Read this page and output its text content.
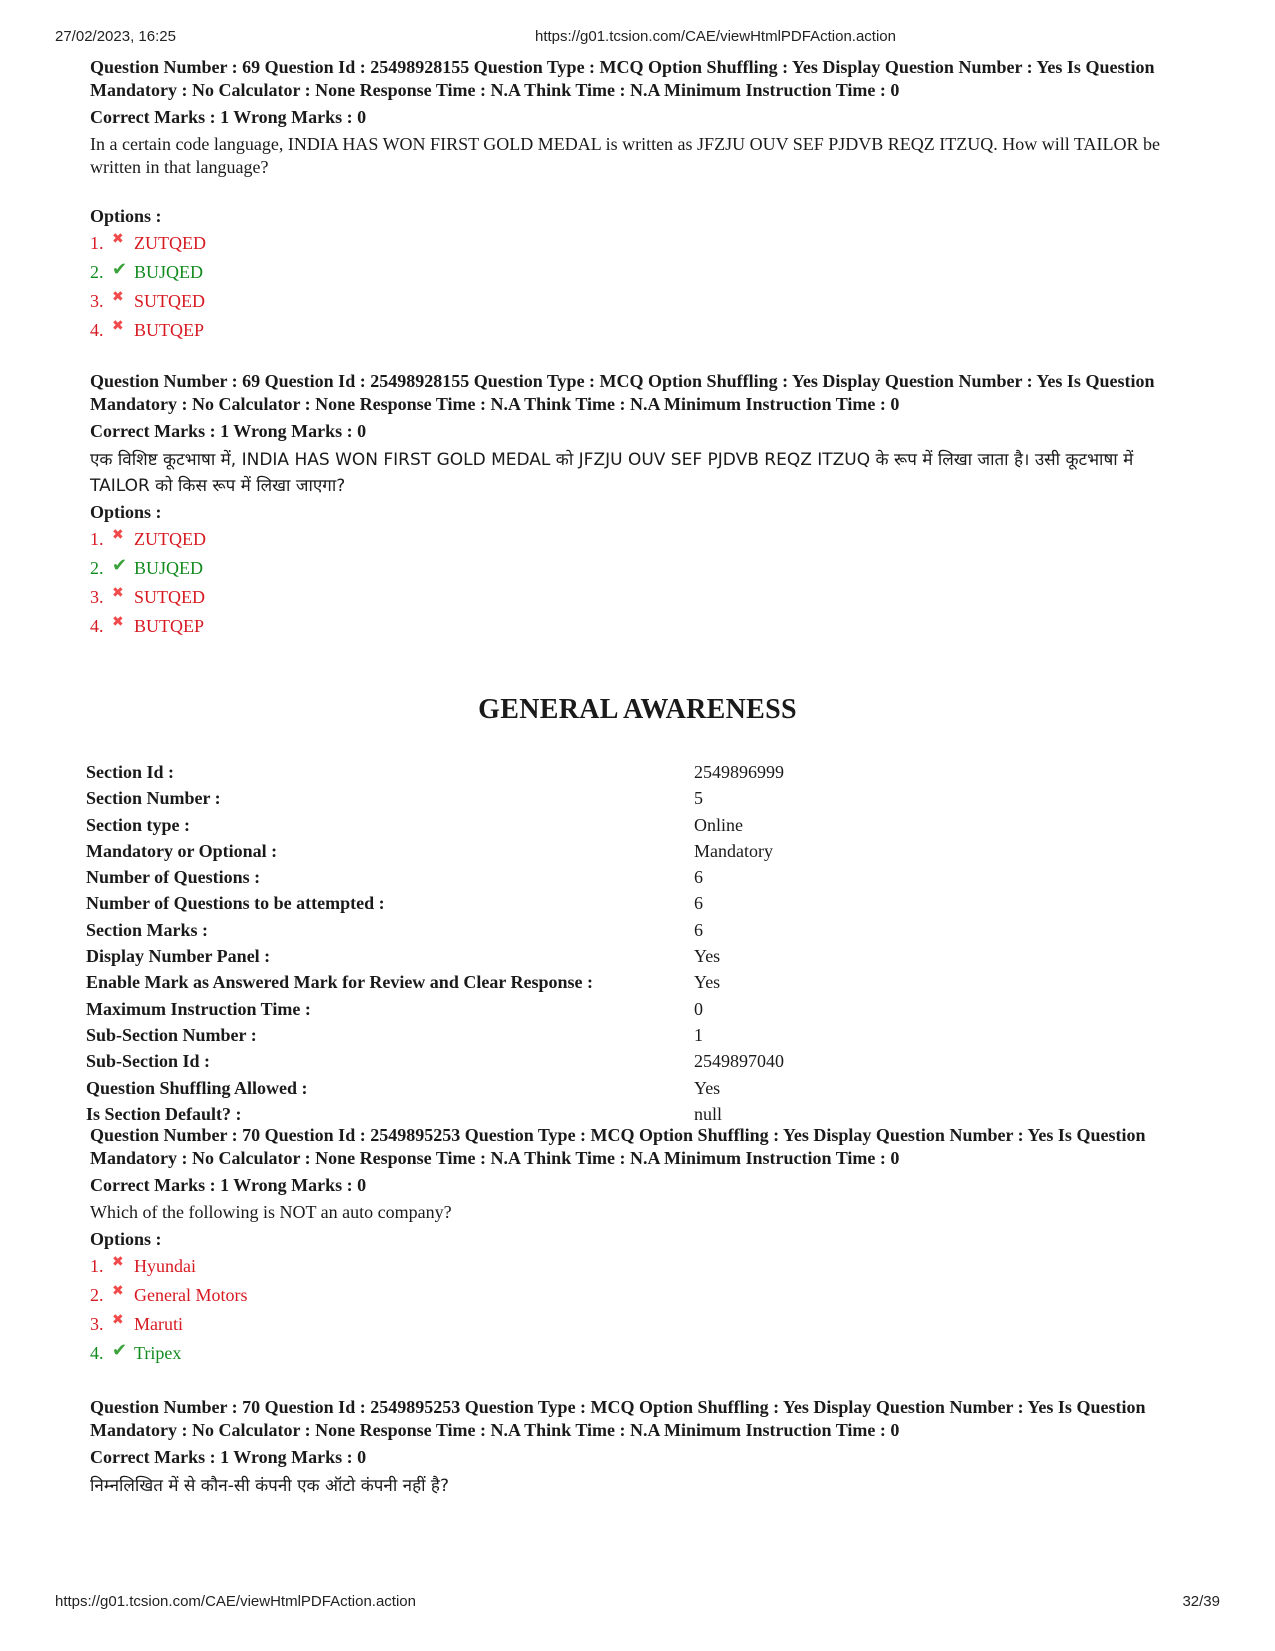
27/02/2023, 16:25	https://g01.tcsion.com/CAE/viewHtmlPDFAction.action
Question Number : 69 Question Id : 25498928155 Question Type : MCQ Option Shuffling : Yes Display Question Number : Yes Is Question Mandatory : No Calculator : None Response Time : N.A Think Time : N.A Minimum Instruction Time : 0
Correct Marks : 1 Wrong Marks : 0
In a certain code language, INDIA HAS WON FIRST GOLD MEDAL is written as JFZJU OUV SEF PJDVB REQZ ITZUQ. How will TAILOR be written in that language?
Options :
1. ✖ ZUTQED
2. ✔ BUJQED
3. ✖ SUTQED
4. ✖ BUTQEP
Question Number : 69 Question Id : 25498928155 Question Type : MCQ Option Shuffling : Yes Display Question Number : Yes Is Question Mandatory : No Calculator : None Response Time : N.A Think Time : N.A Minimum Instruction Time : 0
Correct Marks : 1 Wrong Marks : 0
एक विशिष्ट कूटभाषा में, INDIA HAS WON FIRST GOLD MEDAL को JFZJU OUV SEF PJDVB REQZ ITZUQ के रूप में लिखा जाता है। उसी कूटभाषा में TAILOR को किस रूप में लिखा जाएगा?
Options :
1. ✖ ZUTQED
2. ✔ BUJQED
3. ✖ SUTQED
4. ✖ BUTQEP
GENERAL AWARENESS
Section Id :	2549896999
Section Number :	5
Section type :	Online
Mandatory or Optional :	Mandatory
Number of Questions :	6
Number of Questions to be attempted :	6
Section Marks :	6
Display Number Panel :	Yes
Enable Mark as Answered Mark for Review and Clear Response :	Yes
Maximum Instruction Time :	0
Sub-Section Number :	1
Sub-Section Id :	2549897040
Question Shuffling Allowed :	Yes
Is Section Default? :	null
Question Number : 70 Question Id : 2549895253 Question Type : MCQ Option Shuffling : Yes Display Question Number : Yes Is Question Mandatory : No Calculator : None Response Time : N.A Think Time : N.A Minimum Instruction Time : 0
Correct Marks : 1 Wrong Marks : 0
Which of the following is NOT an auto company?
Options :
1. ✖ Hyundai
2. ✖ General Motors
3. ✖ Maruti
4. ✔ Tripex
Question Number : 70 Question Id : 2549895253 Question Type : MCQ Option Shuffling : Yes Display Question Number : Yes Is Question Mandatory : No Calculator : None Response Time : N.A Think Time : N.A Minimum Instruction Time : 0
Correct Marks : 1 Wrong Marks : 0
निम्नलिखित में से कौन-सी कंपनी एक ऑटो कंपनी नहीं है?
https://g01.tcsion.com/CAE/viewHtmlPDFAction.action	32/39
